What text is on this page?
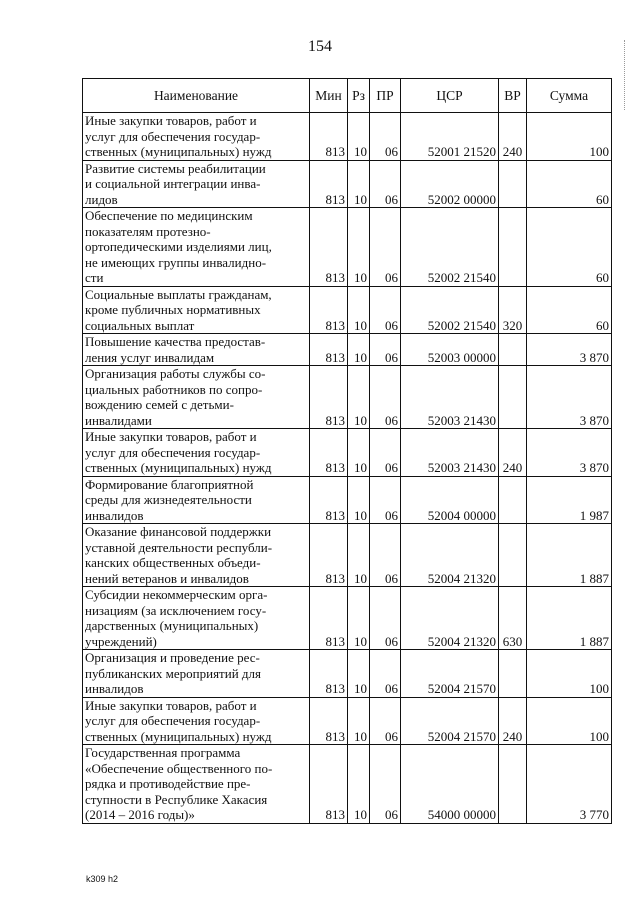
154
Наименование	Мин	Рз	ПР	ЦСР	ВР	Сумма
Иные закупки товаров, работ и
услуг для обеспечения государ-
ственных (муниципальных) нужд	813	10	06	52001 21520	240	100
Развитие системы реабилитации
и социальной интеграции инва-
лидов	813	10	06	52002 00000		60
Обеспечение по медицинским
показателям протезно-
ортопедическими изделиями лиц,
не имеющих группы инвалидно-
сти	813	10	06	52002 21540		60
Социальные выплаты гражданам,
кроме публичных нормативных
социальных выплат	813	10	06	52002 21540	320	60
Повышение качества предостав-
ления услуг инвалидам	813	10	06	52003 00000		3 870
Организация работы службы со-
циальных работников по сопро-
вождению семей с детьми-
инвалидами	813	10	06	52003 21430		3 870
Иные закупки товаров, работ и
услуг для обеспечения государ-
ственных (муниципальных) нужд	813	10	06	52003 21430	240	3 870
Формирование благоприятной
среды для жизнедеятельности
инвалидов	813	10	06	52004 00000		1 987
Оказание финансовой поддержки
уставной деятельности республи-
канских общественных объеди-
нений ветеранов и инвалидов	813	10	06	52004 21320		1 887
Субсидии некоммерческим орга-
низациям (за исключением госу-
дарственных (муниципальных)
учреждений)	813	10	06	52004 21320	630	1 887
Организация и проведение рес-
публиканских мероприятий для
инвалидов	813	10	06	52004 21570		100
Иные закупки товаров, работ и
услуг для обеспечения государ-
ственных (муниципальных) нужд	813	10	06	52004 21570	240	100
Государственная программа
«Обеспечение общественного по-
рядка и противодействие пре-
ступности в Республике Хакасия
(2014 – 2016 годы)»	813	10	06	54000 00000		3 770
k309 h2
